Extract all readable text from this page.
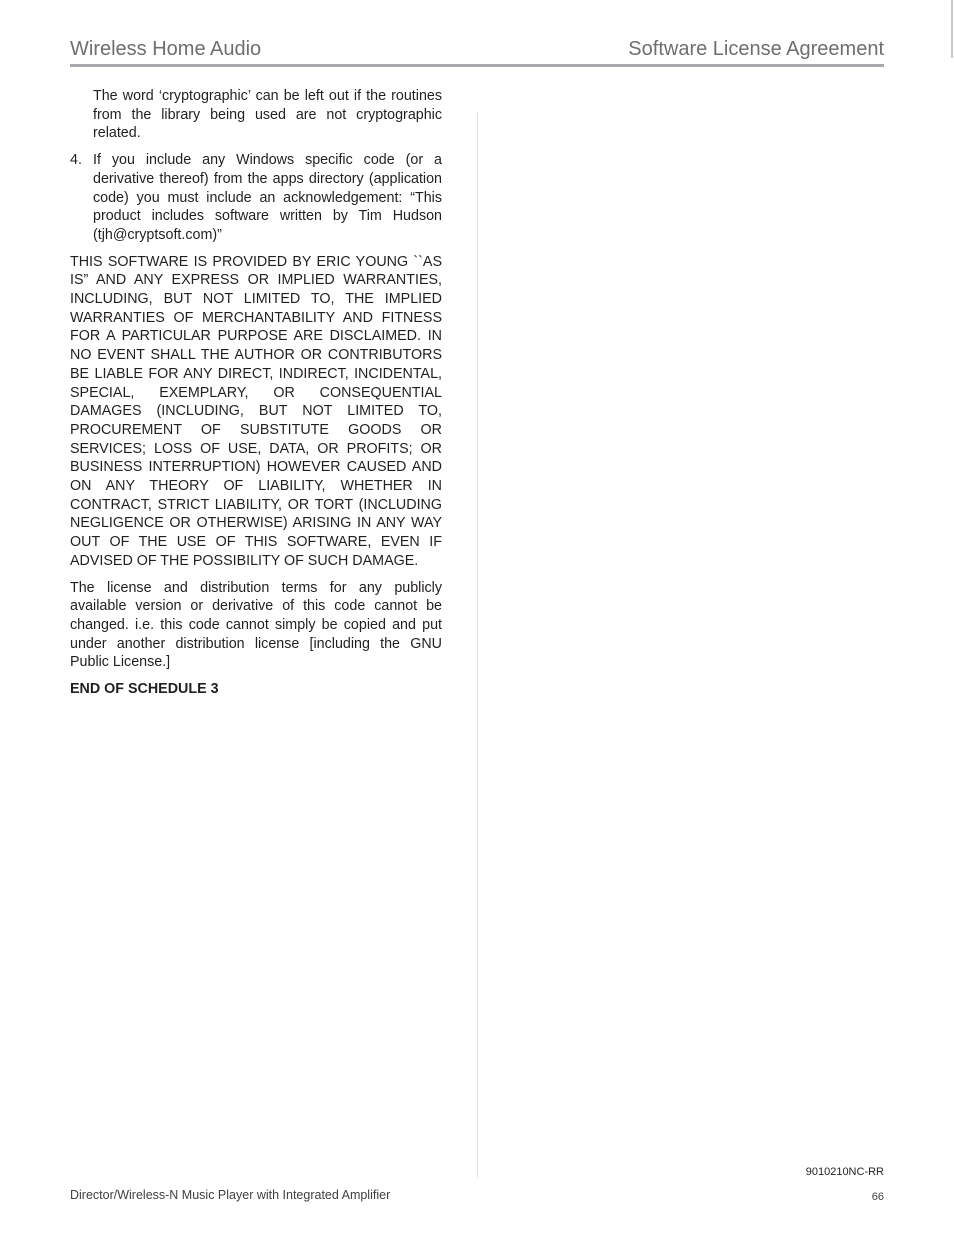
Wireless Home Audio	Software License Agreement

The word ‘cryptographic’ can be left out if the routines from the library being used are not cryptographic related.

4. If you include any Windows specific code (or a derivative thereof) from the apps directory (application code) you must include an acknowledgement: “This product includes software written by Tim Hudson (tjh@cryptsoft.com)”

THIS SOFTWARE IS PROVIDED BY ERIC YOUNG ``AS IS” AND ANY EXPRESS OR IMPLIED WARRANTIES, INCLUDING, BUT NOT LIMITED TO, THE IMPLIED WARRANTIES OF MERCHANTABILITY AND FITNESS FOR A PARTICULAR PURPOSE ARE DISCLAIMED. IN NO EVENT SHALL THE AUTHOR OR CONTRIBUTORS BE LIABLE FOR ANY DIRECT, INDIRECT, INCIDENTAL, SPECIAL, EXEMPLARY, OR CONSEQUENTIAL DAMAGES (INCLUDING, BUT NOT LIMITED TO, PROCUREMENT OF SUBSTITUTE GOODS OR SERVICES; LOSS OF USE, DATA, OR PROFITS; OR BUSINESS INTERRUPTION) HOWEVER CAUSED AND ON ANY THEORY OF LIABILITY, WHETHER IN CONTRACT, STRICT LIABILITY, OR TORT (INCLUDING NEGLIGENCE OR OTHERWISE) ARISING IN ANY WAY OUT OF THE USE OF THIS SOFTWARE, EVEN IF ADVISED OF THE POSSIBILITY OF SUCH DAMAGE.

The license and distribution terms for any publicly available version or derivative of this code cannot be changed. i.e. this code cannot simply be copied and put under another distribution license [including the GNU Public License.]

END OF SCHEDULE 3

Director/Wireless-N Music Player with Integrated Amplifier
9010210NC-RR
66
